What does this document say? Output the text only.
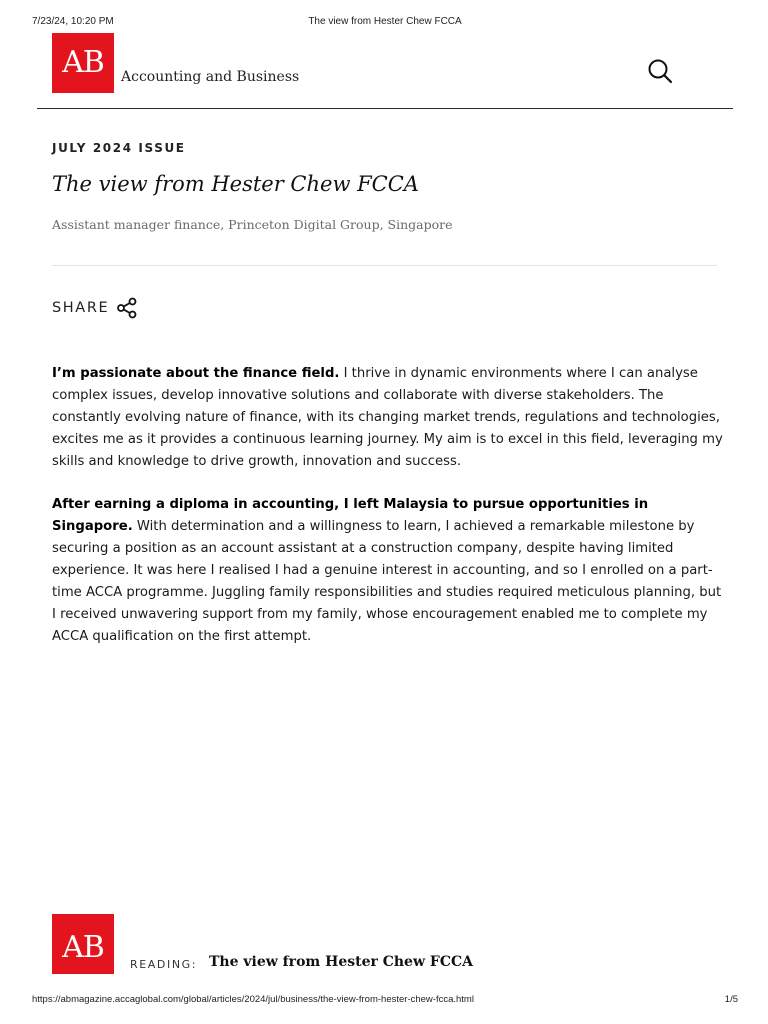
7/23/24, 10:20 PM	The view from Hester Chew FCCA
AB	Accounting and Business
JULY 2024 ISSUE
The view from Hester Chew FCCA
Assistant manager finance, Princeton Digital Group, Singapore
SHARE

I’m passionate about the finance field. I thrive in dynamic environments where I can analyse complex issues, develop innovative solutions and collaborate with diverse stakeholders. The constantly evolving nature of finance, with its changing market trends, regulations and technologies, excites me as it provides a continuous learning journey. My aim is to excel in this field, leveraging my skills and knowledge to drive growth, innovation and success.

After earning a diploma in accounting, I left Malaysia to pursue opportunities in Singapore. With determination and a willingness to learn, I achieved a remarkable milestone by securing a position as an account assistant at a construction company, despite having limited experience. It was here I realised I had a genuine interest in accounting, and so I enrolled on a part-time ACCA programme. Juggling family responsibilities and studies required meticulous planning, but I received unwavering support from my family, whose encouragement enabled me to complete my ACCA qualification on the first attempt.

AB	READING: The view from Hester Chew FCCA
https://abmagazine.accaglobal.com/global/articles/2024/jul/business/the-view-from-hester-chew-fcca.html	1/5
